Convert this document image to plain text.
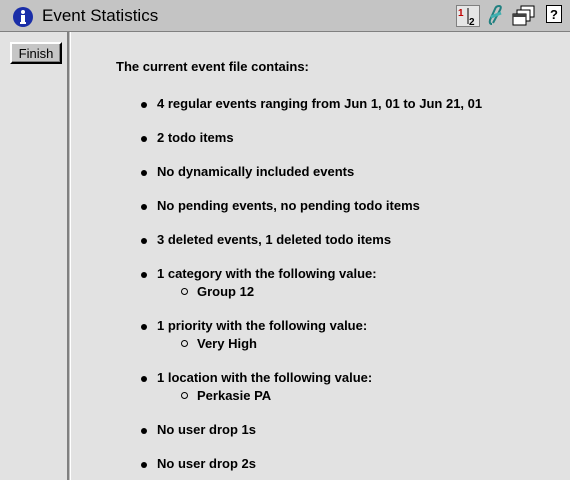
Event Statistics	1
2
?
Finish
The current event file contains:
4 regular events ranging from Jun 1, 01 to Jun 21, 01
2 todo items
No dynamically included events
No pending events, no pending todo items
3 deleted events, 1 deleted todo items
1 category with the following value:
Group 12
1 priority with the following value:
Very High
1 location with the following value:
Perkasie PA
No user drop 1s
No user drop 2s
